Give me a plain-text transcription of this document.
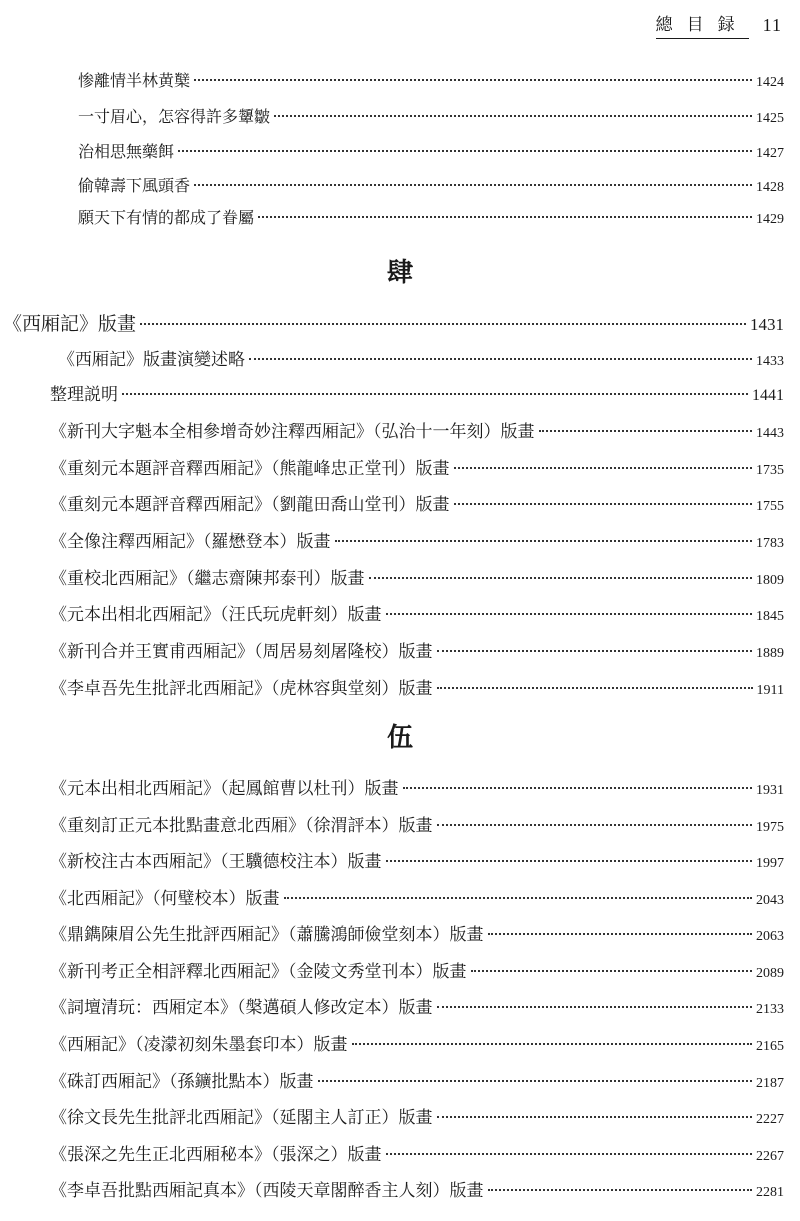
總目録 11
惨離情半林黄櫱	1424
一寸眉心，怎容得許多顰皺	1425
治相思無藥餌	1427
偷韓壽下風頭香	1428
願天下有情的都成了眷屬	1429
肆
《西厢記》版畫	1431
《西厢記》版畫演變述略	1433
整理説明	1441
《新刊大字魁本全相參增奇妙注釋西厢記》（弘治十一年刻）版畫	1443
《重刻元本題評音釋西厢記》（熊龍峰忠正堂刊）版畫	1735
《重刻元本題評音釋西厢記》（劉龍田喬山堂刊）版畫	1755
《全像注釋西厢記》（羅懋登本）版畫	1783
《重校北西厢記》（繼志齋陳邦泰刊）版畫	1809
《元本出相北西厢記》（汪氏玩虎軒刻）版畫	1845
《新刊合并王實甫西厢記》（周居易刻屠隆校）版畫	1889
《李卓吾先生批評北西厢記》（虎林容與堂刻）版畫	1911
伍
《元本出相北西厢記》（起鳳館曹以杜刊）版畫	1931
《重刻訂正元本批點畫意北西厢》（徐渭評本）版畫	1975
《新校注古本西厢記》（王驥德校注本）版畫	1997
《北西厢記》（何璧校本）版畫	2043
《鼎鐫陳眉公先生批評西厢記》（蕭騰鴻師儉堂刻本）版畫	2063
《新刊考正全相評釋北西厢記》（金陵文秀堂刊本）版畫	2089
《詞壇清玩：西厢定本》（槃邁碩人修改定本）版畫	2133
《西厢記》（凌濛初刻朱墨套印本）版畫	2165
《硃訂西厢記》（孫鑛批點本）版畫	2187
《徐文長先生批評北西厢記》（延閣主人訂正）版畫	2227
《張深之先生正北西厢秘本》（張深之）版畫	2267
《李卓吾批點西厢記真本》（西陵天章閣醉香主人刻）版畫	2281
